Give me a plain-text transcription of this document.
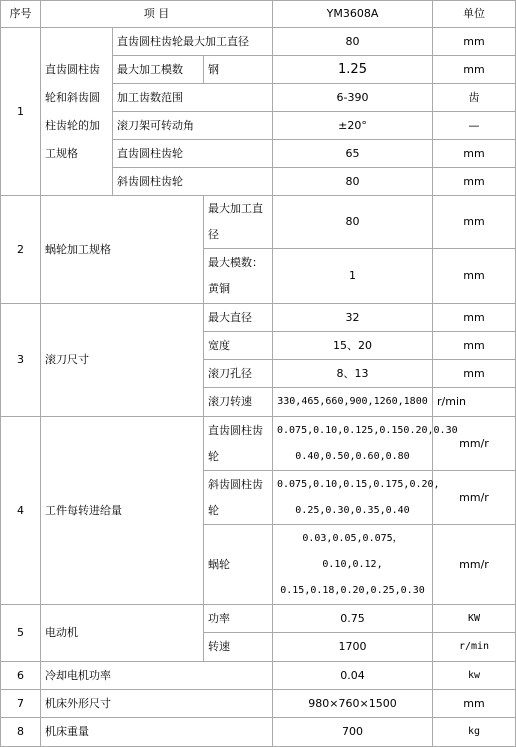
序号	项 目			YM3608A	单位
1	直齿圆柱齿轮和斜齿圆柱齿轮的加工规格	直齿圆柱齿轮最大加工直径		80	mm
		最大加工模数	钢	1.25	mm
		加工齿数范围		6-390	齿
		滚刀架可转动角		±20°	—
		直齿圆柱齿轮		65	mm
		斜齿圆柱齿轮		80	mm
2	蜗轮加工规格		最大加工直径	80	mm
			最大模数：黄铜	1	mm
3	滚刀尺寸		最大直径	32	mm
			宽度	15、20	mm
			滚刀孔径	8、13	mm
			滚刀转速	330,465,660,900,1260,1800	r/min
4	工件每转进给量		直齿圆柱齿轮	0.075,0.10,0.125,0.150.20,0.30 0.40,0.50,0.60,0.80	mm/r
			斜齿圆柱齿轮	0.075,0.10,0.15,0.175,0.20, 0.25,0.30,0.35,0.40	mm/r
			蜗轮	0.03,0.05,0.075，
0.10,0.12,
0.15,0.18,0.20,0.25,0.30	mm/r
5	电动机		功率	0.75	KW
			转速	1700	r/min
6	冷却电机功率			0.04	kw
7	机床外形尺寸			980×760×1500	mm
8	机床重量			700	kg
